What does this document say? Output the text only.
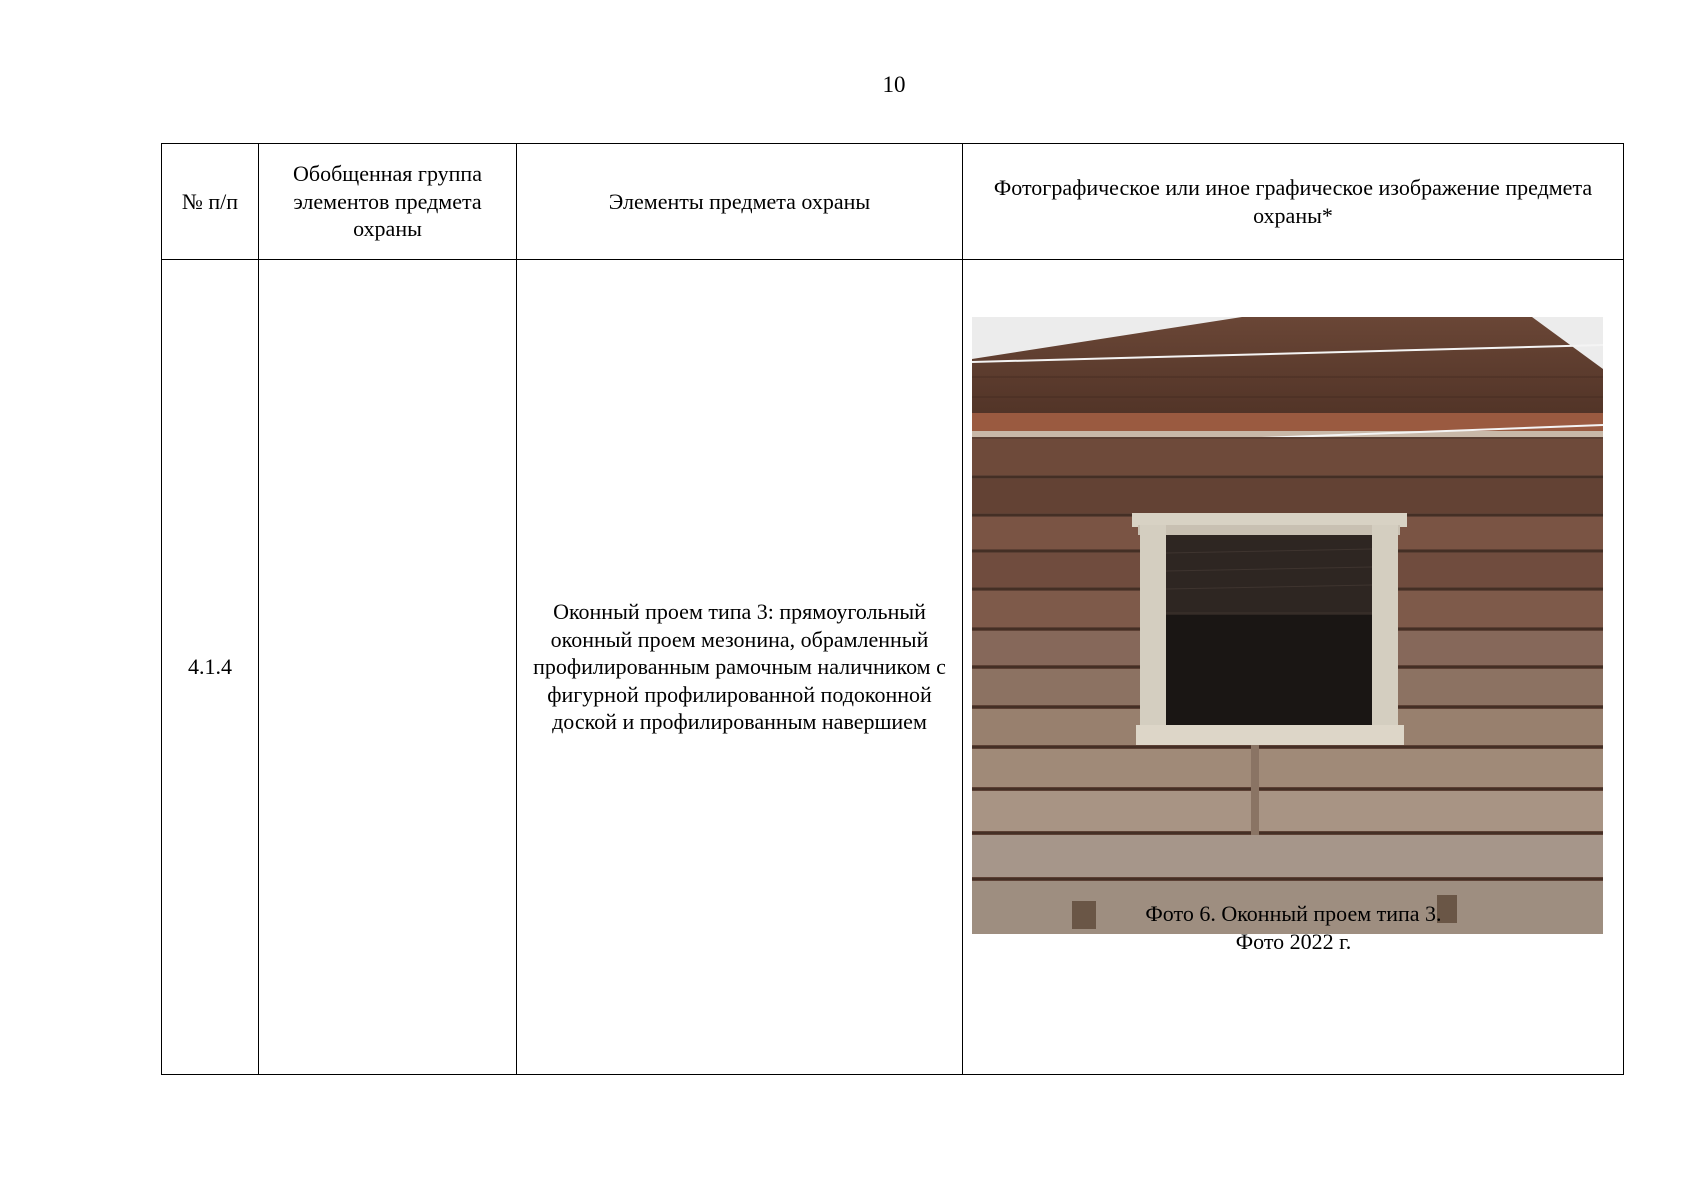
10
№ п/п	Обобщенная группа элементов предмета охраны	Элементы предмета охраны	Фотографическое или иное графическое изображение предмета охраны*

4.1.4		Оконный проем типа 3: прямоугольный оконный проем мезонина, обрамленный профилированным рамочным наличником с фигурной профилированной подоконной доской и профилированным навершием	Фото 6. Оконный проем типа 3.
Фото 2022 г.
